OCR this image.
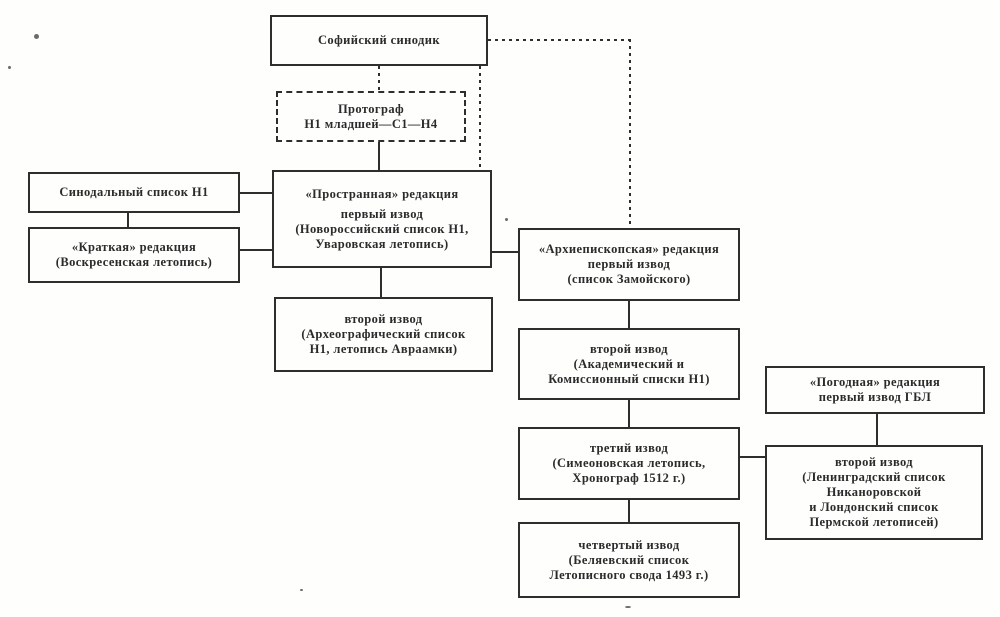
Софийский синодик
Протограф
Н1 младшей—С1—Н4
Синодальный список Н1
«Краткая» редакция
(Воскресенская летопись)
«Пространная» редакция
первый извод
(Новороссийский список Н1,
Уваровская летопись)
второй извод
(Археографический список
Н1, летопись Авраамки)
«Архиепископская» редакция
первый извод
(список Замойского)
второй извод
(Академический и
Комиссионный списки Н1)
третий извод
(Симеоновская летопись,
Хронограф 1512 г.)
четвертый извод
(Беляевский список
Летописного свода 1493 г.)
«Погодная» редакция
первый извод ГБЛ
второй извод
(Ленинградский список
Никаноровской
и Лондонский список
Пермской летописей)
